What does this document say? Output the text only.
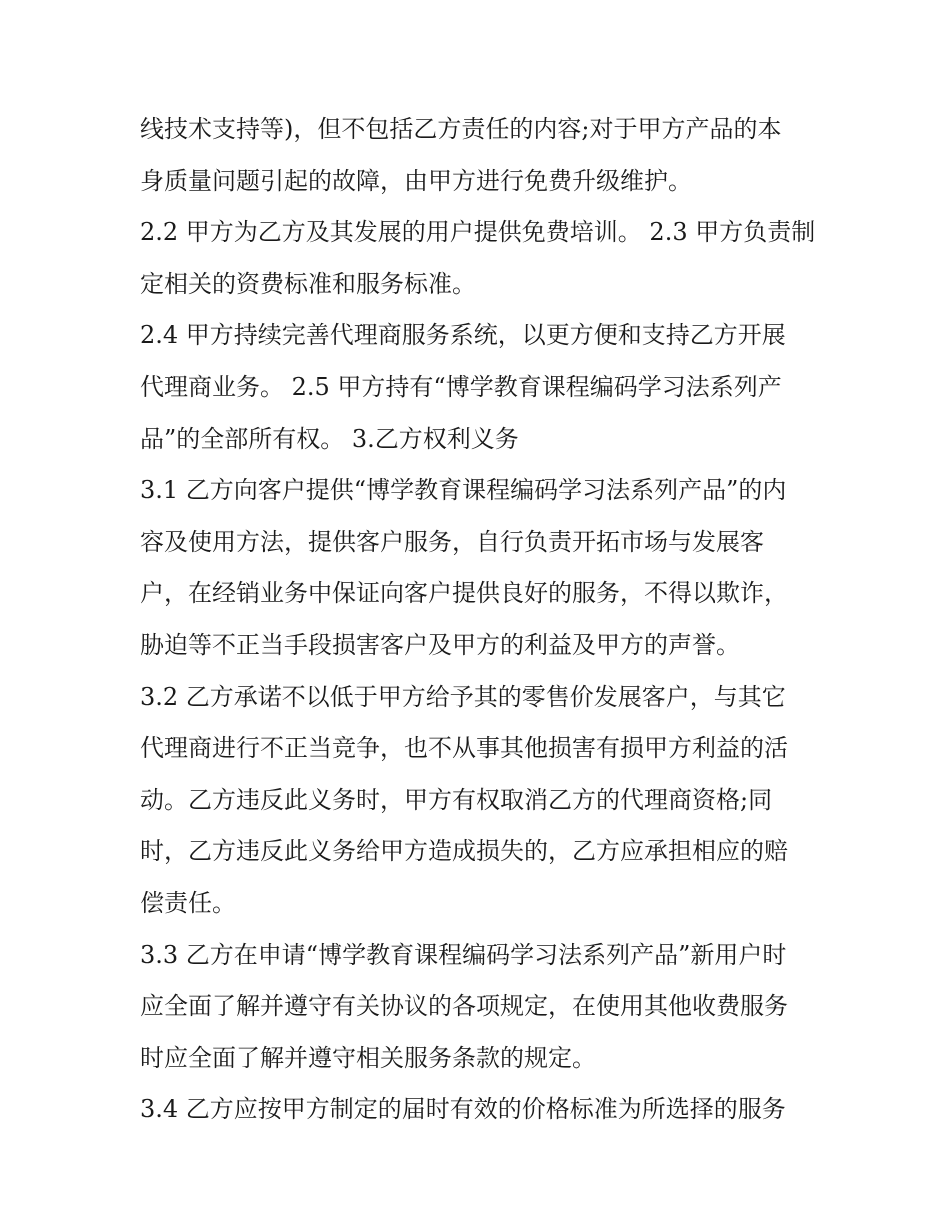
线技术支持等)，但不包括乙方责任的内容;对于甲方产品的本
身质量问题引起的故障，由甲方进行免费升级维护。
2.2 甲方为乙方及其发展的用户提供免费培训。 2.3 甲方负责制
定相关的资费标准和服务标准。
2.4 甲方持续完善代理商服务系统，以更方便和支持乙方开展
代理商业务。 2.5 甲方持有“博学教育课程编码学习法系列产
品”的全部所有权。 3.乙方权利义务
3.1 乙方向客户提供“博学教育课程编码学习法系列产品”的内
容及使用方法，提供客户服务，自行负责开拓市场与发展客
户，在经销业务中保证向客户提供良好的服务，不得以欺诈，
胁迫等不正当手段损害客户及甲方的利益及甲方的声誉。
3.2 乙方承诺不以低于甲方给予其的零售价发展客户，与其它
代理商进行不正当竞争，也不从事其他损害有损甲方利益的活
动。乙方违反此义务时，甲方有权取消乙方的代理商资格;同
时，乙方违反此义务给甲方造成损失的，乙方应承担相应的赔
偿责任。
3.3 乙方在申请“博学教育课程编码学习法系列产品”新用户时
应全面了解并遵守有关协议的各项规定，在使用其他收费服务
时应全面了解并遵守相关服务条款的规定。
3.4 乙方应按甲方制定的届时有效的价格标准为所选择的服务
